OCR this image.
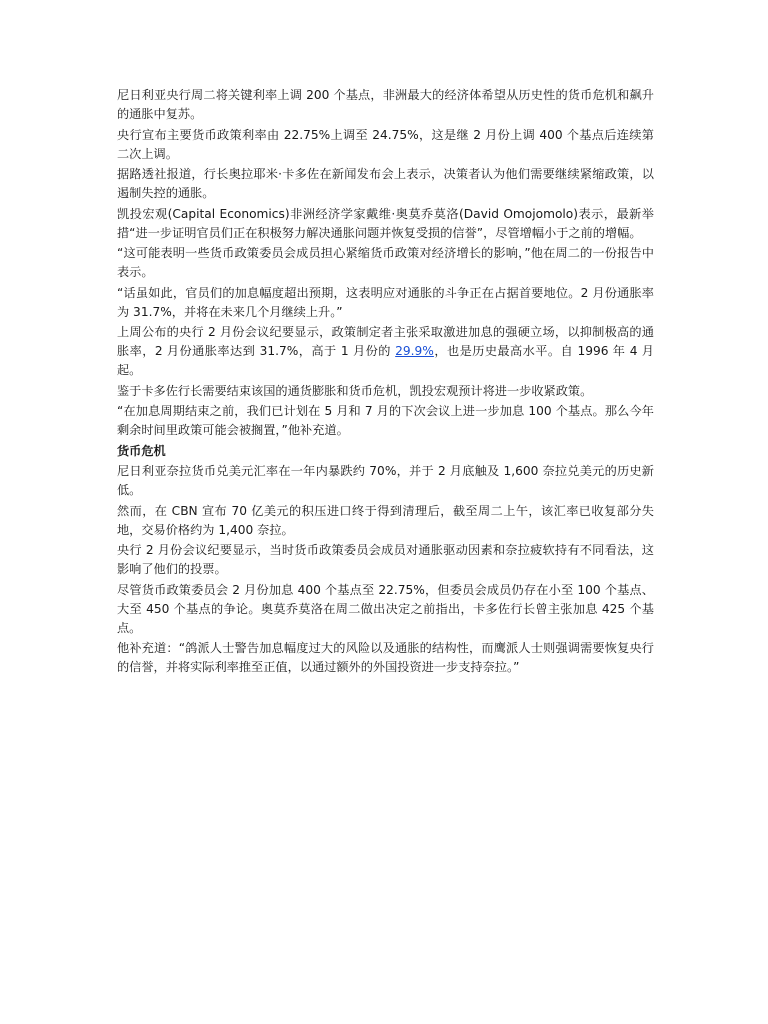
尼日利亚央行周二将关键利率上调 200 个基点，非洲最大的经济体希望从历史性的货币危机和飙升的通胀中复苏。

央行宣布主要货币政策利率由 22.75%上调至 24.75%，这是继 2 月份上调 400 个基点后连续第二次上调。

据路透社报道，行长奥拉耶米·卡多佐在新闻发布会上表示，决策者认为他们需要继续紧缩政策，以遏制失控的通胀。

凯投宏观(Capital Economics)非洲经济学家戴维·奥莫乔莫洛(David Omojomolo)表示，最新举措“进一步证明官员们正在积极努力解决通胀问题并恢复受损的信誉”，尽管增幅小于之前的增幅。

“这可能表明一些货币政策委员会成员担心紧缩货币政策对经济增长的影响，”他在周二的一份报告中表示。

“话虽如此，官员们的加息幅度超出预期，这表明应对通胀的斗争正在占据首要地位。2 月份通胀率为 31.7%，并将在未来几个月继续上升。”

上周公布的央行 2 月份会议纪要显示，政策制定者主张采取激进加息的强硬立场，以抑制极高的通胀率，2 月份通胀率达到 31.7%，高于 1 月份的 29.9%，也是历史最高水平。自 1996 年 4 月起。

鉴于卡多佐行长需要结束该国的通货膨胀和货币危机，凯投宏观预计将进一步收紧政策。

“在加息周期结束之前，我们已计划在 5 月和 7 月的下次会议上进一步加息 100 个基点。那么今年剩余时间里政策可能会被搁置，”他补充道。

货币危机

尼日利亚奈拉货币兑美元汇率在一年内暴跌约 70%，并于 2 月底触及 1,600 奈拉兑美元的历史新低。

然而，在 CBN 宣布 70 亿美元的积压进口终于得到清理后，截至周二上午，该汇率已收复部分失地，交易价格约为 1,400 奈拉。

央行 2 月份会议纪要显示，当时货币政策委员会成员对通胀驱动因素和奈拉疲软持有不同看法，这影响了他们的投票。

尽管货币政策委员会 2 月份加息 400 个基点至 22.75%，但委员会成员仍存在小至 100 个基点、大至 450 个基点的争论。奥莫乔莫洛在周二做出决定之前指出，卡多佐行长曾主张加息 425 个基点。

他补充道：“鸽派人士警告加息幅度过大的风险以及通胀的结构性，而鹰派人士则强调需要恢复央行的信誉，并将实际利率推至正值，以通过额外的外国投资进一步支持奈拉。”
